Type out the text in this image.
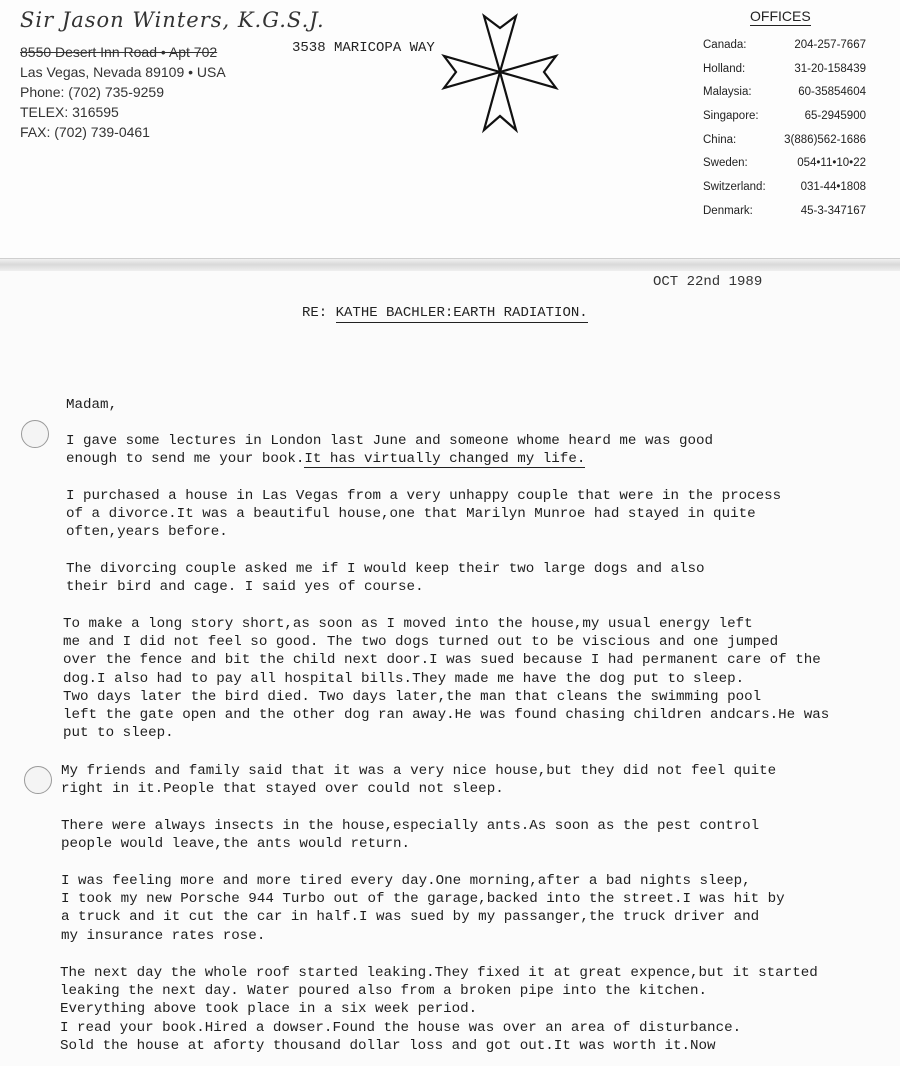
Sir Jason Winters, K.G.S.J.
8550 Desert Inn Road • Apt 702	3538 MARICOPA WAY
Las Vegas, Nevada 89109 • USA
Phone: (702) 735-9259
TELEX: 316595
FAX: (702) 739-0461
OFFICES
Canada:	204-257-7667
Holland:	31-20-158439
Malaysia:	60-35854604
Singapore:	65-2945900
China:	3(886)562-1686
Sweden:	054•11•10•22
Switzerland:	031-44•1808
Denmark:	45-3-347167
OCT 22nd 1989
RE: KATHE BACHLER:EARTH RADIATION.
Madam,
I gave some lectures in London last June and someone whome heard me was good
enough to send me your book.It has virtually changed my life.
I purchased a house in Las Vegas from a very unhappy couple that were in the process
of a divorce.It was a beautiful house,one that Marilyn Munroe had stayed in quite
often,years before.
The divorcing couple asked me if I would keep their two large dogs and also
their bird and cage. I said yes of course.
To make a long story short,as soon as I moved into the house,my usual energy left
me and I did not feel so good. The two dogs turned out to be viscious and one jumped
over the fence and bit the child next door.I was sued because I had permanent care of the
dog.I also had to pay all hospital bills.They made me have the dog put to sleep.
Two days later the bird died. Two days later,the man that cleans the swimming pool
left the gate open and the other dog ran away.He was found chasing children andcars.He was
put to sleep.
My friends and family said that it was a very nice house,but they did not feel quite
right in it.People that stayed over could not sleep.
There were always insects in the house,especially ants.As soon as the pest control
people would leave,the ants would return.
I was feeling more and more tired every day.One morning,after a bad nights sleep,
I took my new Porsche 944 Turbo out of the garage,backed into the street.I was hit by
a truck and it cut the car in half.I was sued by my passanger,the truck driver and
my insurance rates rose.
The next day the whole roof started leaking.They fixed it at great expence,but it started
leaking the next day. Water poured also from a broken pipe into the kitchen.
Everything above took place in a six week period.
I read your book.Hired a dowser.Found the house was over an area of disturbance.
Sold the house at aforty thousand dollar loss and got out.It was worth it.Now
